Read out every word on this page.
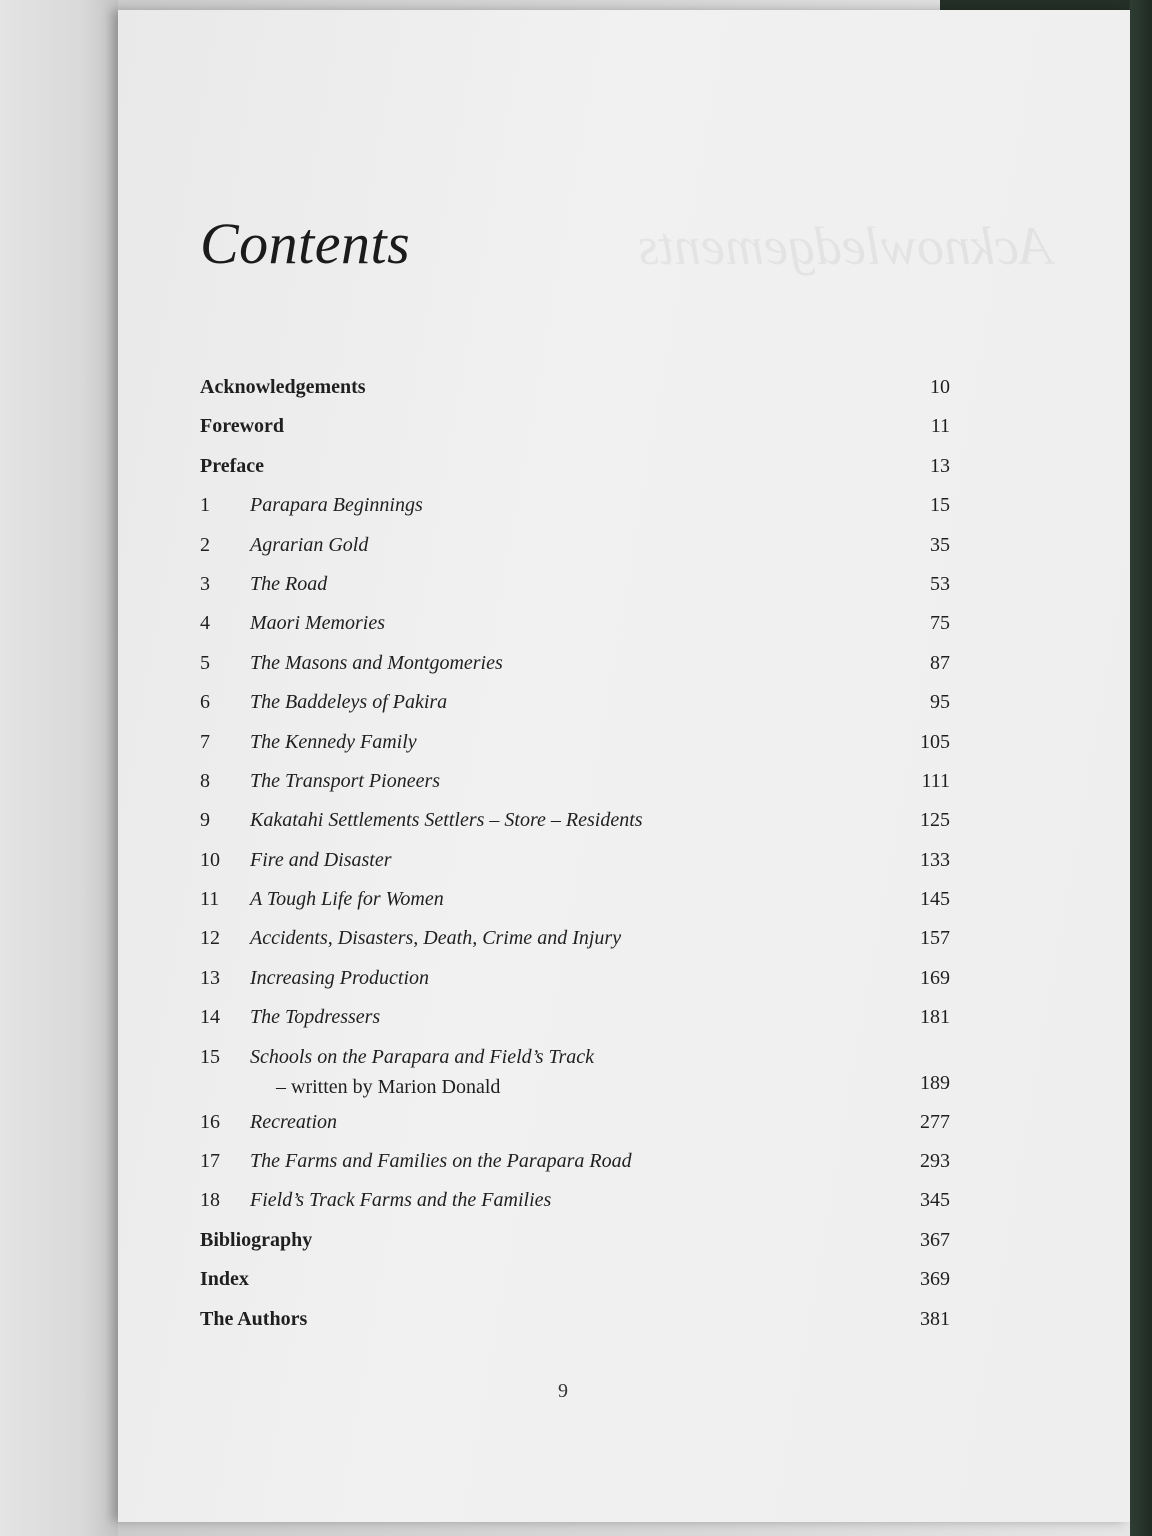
Acknowledgements
Contents
Acknowledgements	10
Foreword	11
Preface	13
1	Parapara Beginnings	15
2	Agrarian Gold	35
3	The Road	53
4	Maori Memories	75
5	The Masons and Montgomeries	87
6	The Baddeleys of Pakira	95
7	The Kennedy Family	105
8	The Transport Pioneers	111
9	Kakatahi Settlements Settlers – Store – Residents	125
10	Fire and Disaster	133
11	A Tough Life for Women	145
12	Accidents, Disasters, Death, Crime and Injury	157
13	Increasing Production	169
14	The Topdressers	181
15	Schools on the Parapara and Field’s Track
– written by Marion Donald	189
16	Recreation	277
17	The Farms and Families on the Parapara Road	293
18	Field’s Track Farms and the Families	345
Bibliography	367
Index	369
The Authors	381
9
